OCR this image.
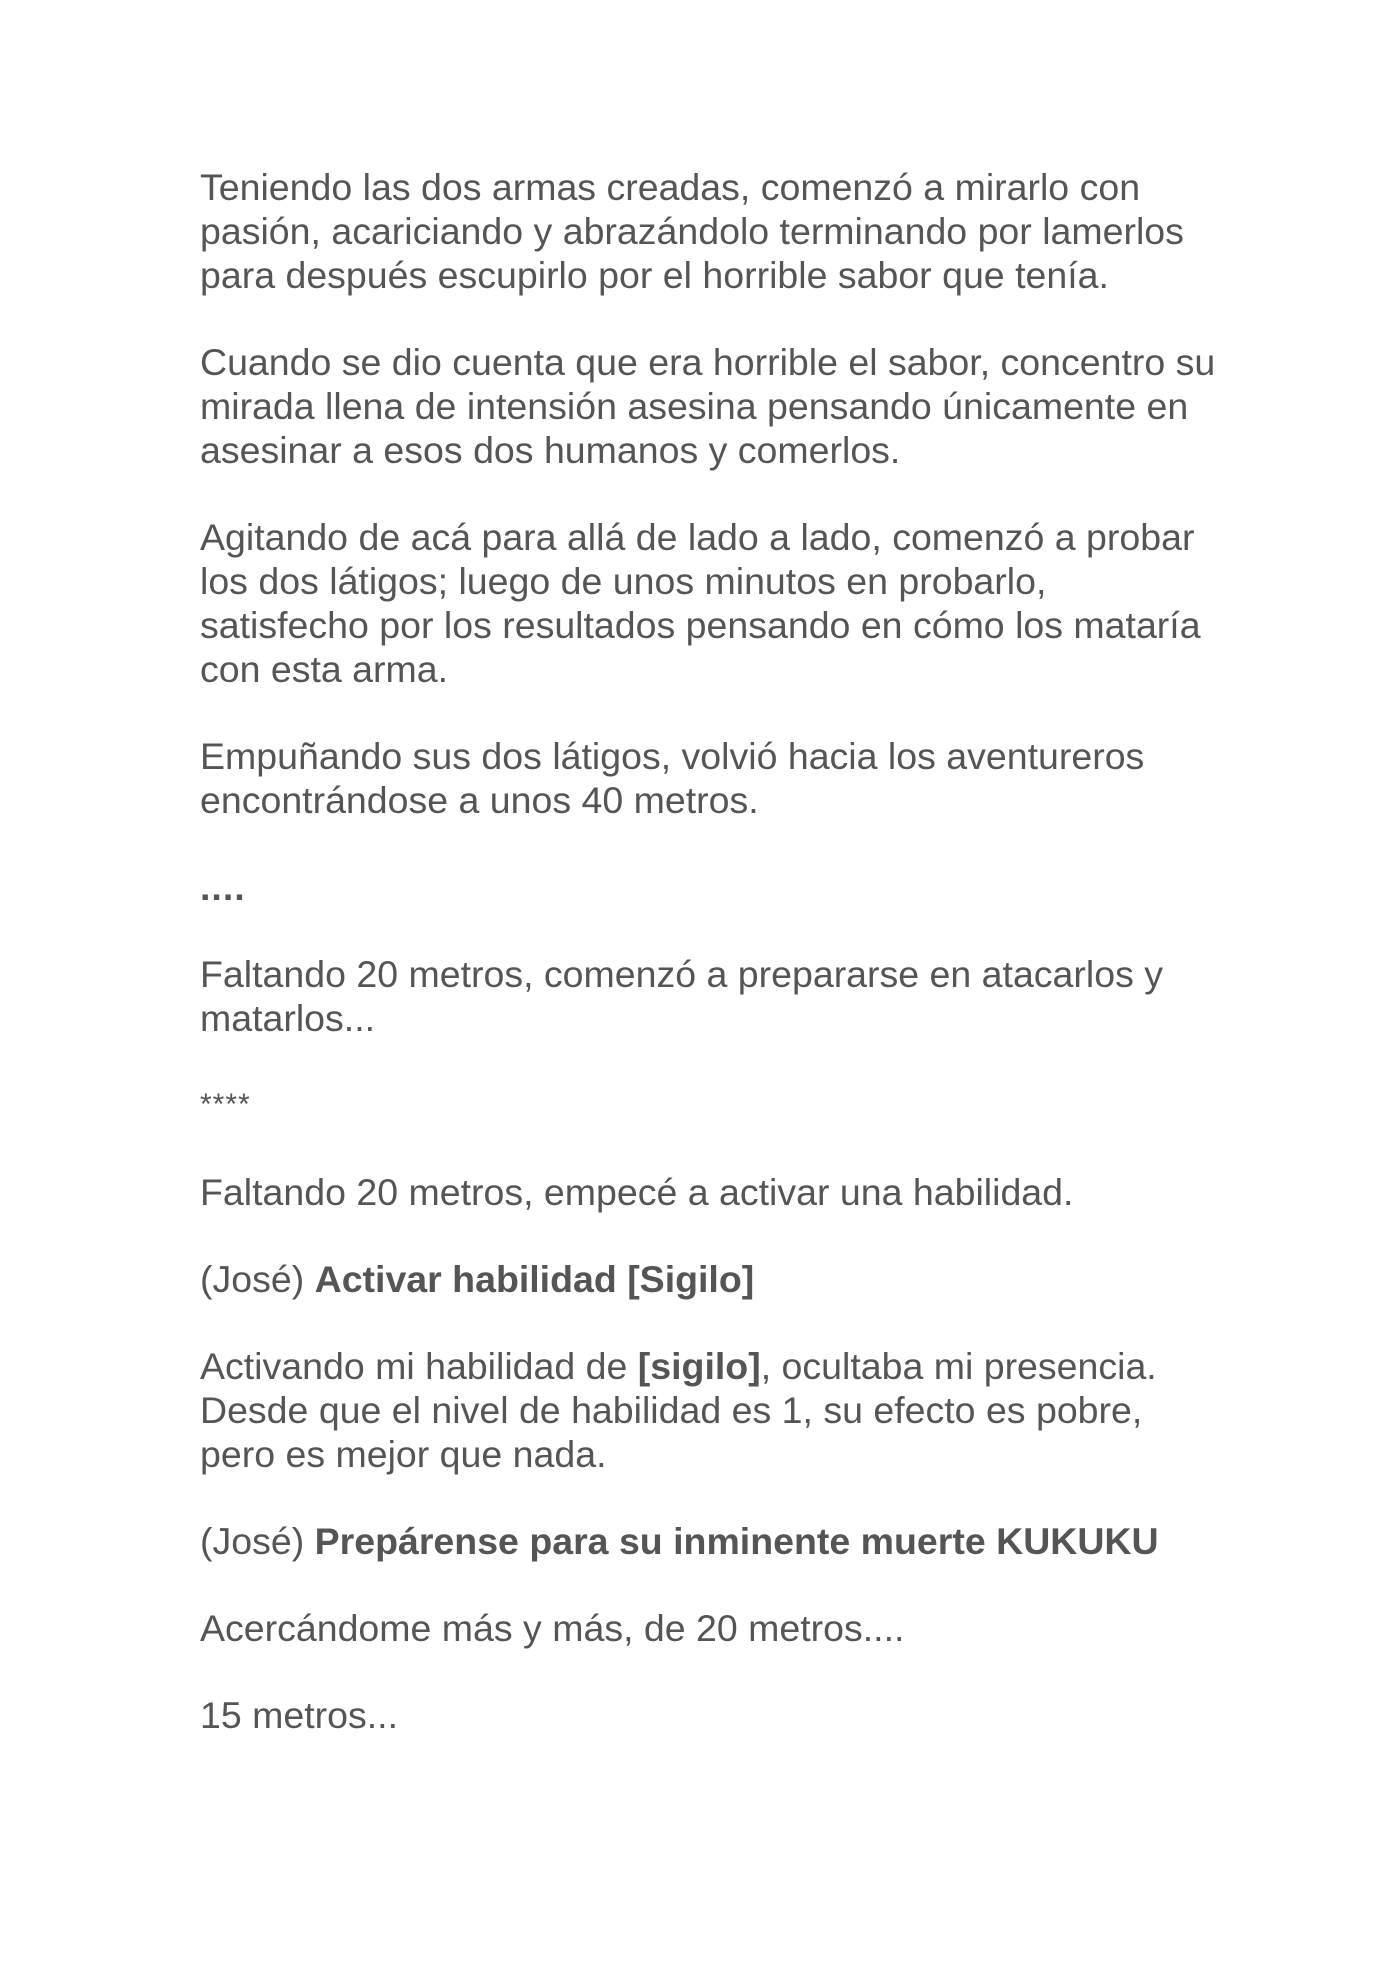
Teniendo las dos armas creadas, comenzó a mirarlo con pasión, acariciando y abrazándolo terminando por lamerlos para después escupirlo por el horrible sabor que tenía.

Cuando se dio cuenta que era horrible el sabor, concentro su mirada llena de intensión asesina pensando únicamente en asesinar a esos dos humanos y comerlos.

Agitando de acá para allá de lado a lado, comenzó a probar los dos látigos; luego de unos minutos en probarlo, satisfecho por los resultados pensando en cómo los mataría con esta arma.

Empuñando sus dos látigos, volvió hacia los aventureros encontrándose a unos 40 metros.

....

Faltando 20 metros, comenzó a prepararse en atacarlos y matarlos...

****

Faltando 20 metros, empecé a activar una habilidad.

(José) Activar habilidad [Sigilo]

Activando mi habilidad de [sigilo], ocultaba mi presencia. Desde que el nivel de habilidad es 1, su efecto es pobre, pero es mejor que nada.

(José) Prepárense para su inminente muerte KUKUKU

Acercándome más y más, de 20 metros....

15 metros...
